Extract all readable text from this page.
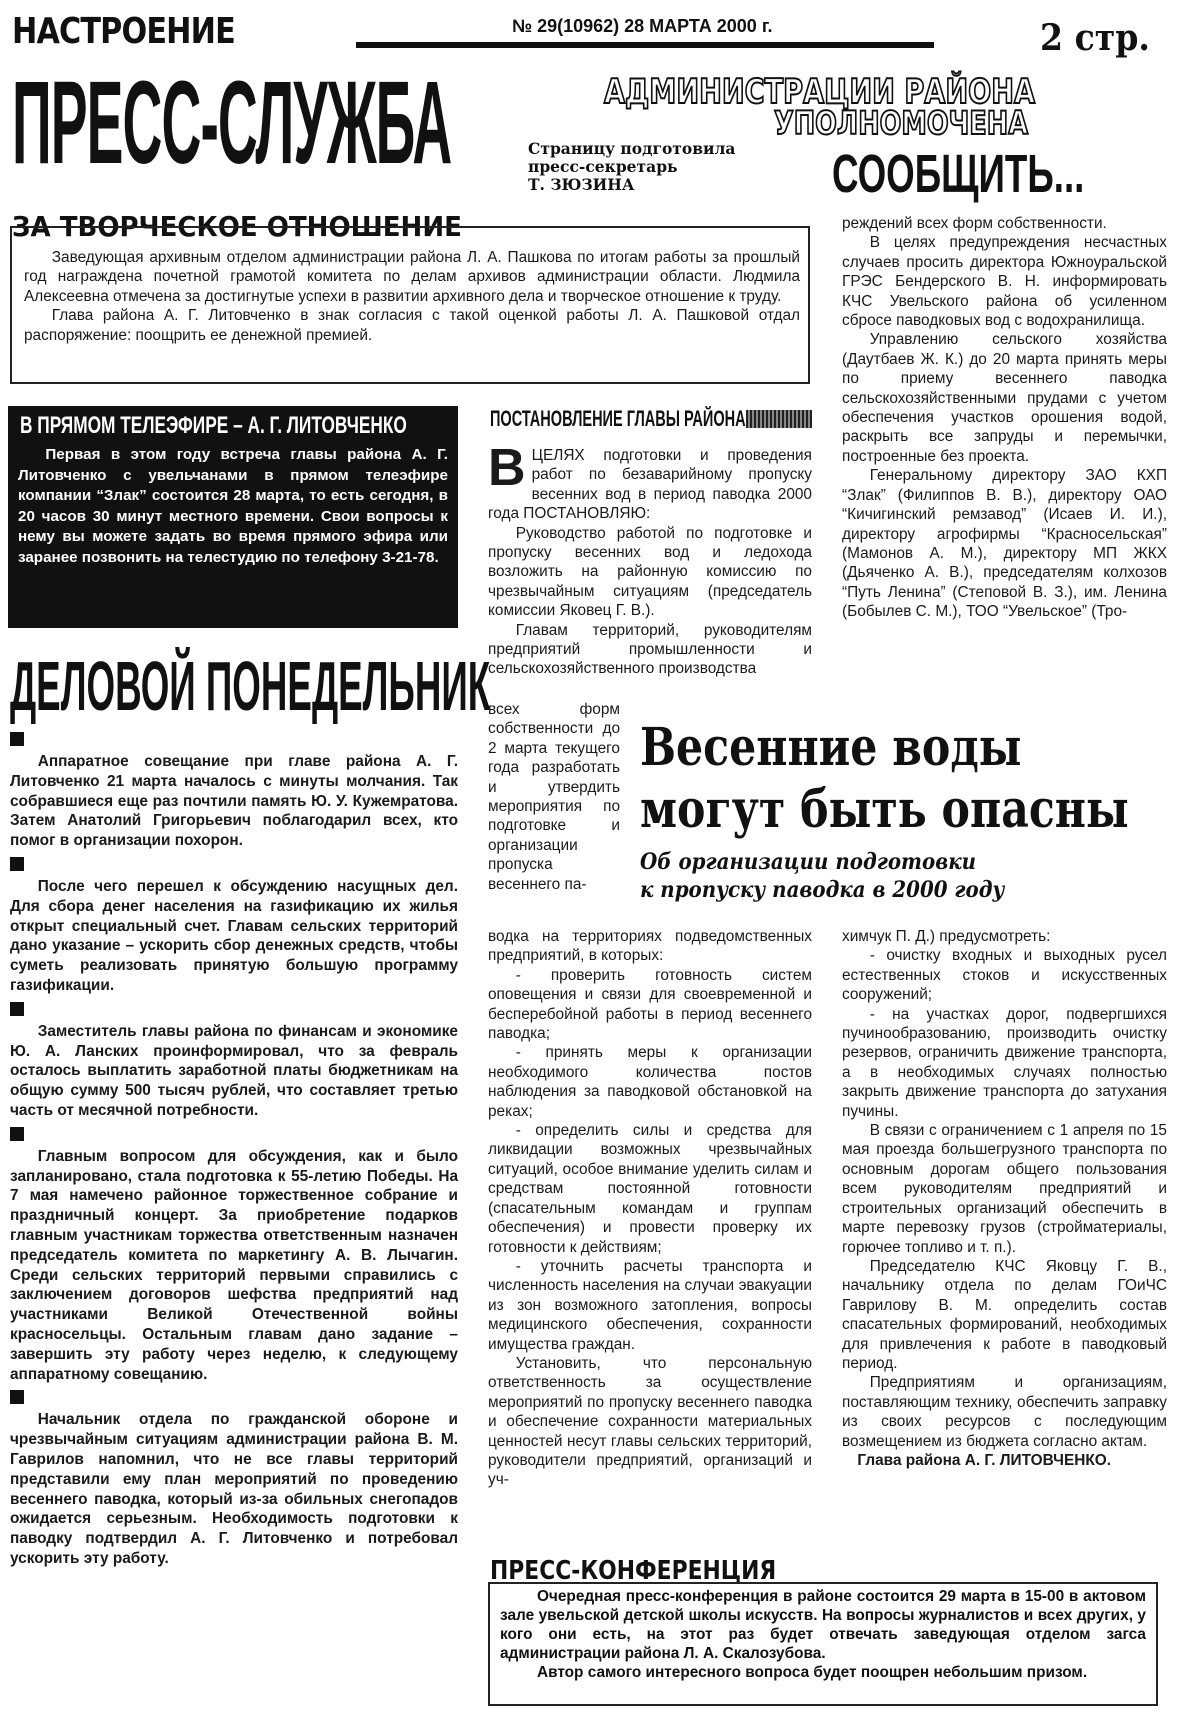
НАСТРОЕНИЕ	№ 29(10962) 28 МАРТА 2000 г.	2 стр.
ПРЕСС-СЛУЖБА	АДМИНИСТРАЦИИ РАЙОНА
УПОЛНОМОЧЕНА
СООБЩИТЬ...
Страницу подготовила
пресс-секретарь
Т. ЗЮЗИНА
ЗА ТВОРЧЕСКОЕ ОТНОШЕНИЕ

Заведующая архивным отделом администрации района Л. А. Пашкова по итогам работы за прошлый год награждена почетной грамотой комитета по делам архивов администрации области. Людмила Алексеевна отмечена за достигнутые успехи в развитии архивного дела и творческое отношение к труду.

Глава района А. Г. Литовченко в знак согласия с такой оценкой работы Л. А. Пашковой отдал распоряжение: поощрить ее денежной премией.

В ПРЯМОМ ТЕЛЕЭФИРЕ – А. Г. ЛИТОВЧЕНКО

Первая в этом году встреча главы района А. Г. Литовченко с увельчанами в прямом телеэфире компании “Злак” состоится 28 марта, то есть сегодня, в 20 часов 30 минут местного времени. Свои вопросы к нему вы можете задать во время прямого эфира или заранее позвонить на телестудию по телефону 3-21-78.

ДЕЛОВОЙ ПОНЕДЕЛЬНИК

Аппаратное совещание при главе района А. Г. Литовченко 21 марта началось с минуты молчания. Так собравшиеся еще раз почтили память Ю. У. Кужемратова. Затем Анатолий Григорьевич поблагодарил всех, кто помог в организации похорон.

После чего перешел к обсуждению насущных дел. Для сбора денег населения на газификацию их жилья открыт специальный счет. Главам сельских территорий дано указание – ускорить сбор денежных средств, чтобы суметь реализовать принятую большую программу газификации.

Заместитель главы района по финансам и экономике Ю. А. Ланских проинформировал, что за февраль осталось выплатить заработной платы бюджетникам на общую сумму 500 тысяч рублей, что составляет третью часть от месячной потребности.

Главным вопросом для обсуждения, как и было запланировано, стала подготовка к 55-летию Победы. На 7 мая намечено районное торжественное собрание и праздничный концерт. За приобретение подарков главным участникам торжества ответственным назначен председатель комитета по маркетингу А. В. Лычагин. Среди сельских территорий первыми справились с заключением договоров шефства предприятий над участниками Великой Отечественной войны красносельцы. Остальным главам дано задание – завершить эту работу через неделю, к следующему аппаратному совещанию.

Начальник отдела по гражданской обороне и чрезвычайным ситуациям администрации района В. М. Гаврилов напомнил, что не все главы территорий представили ему план мероприятий по проведению весеннего паводка, который из-за обильных снегопадов ожидается серьезным. Необходимость подготовки к паводку подтвердил А. Г. Литовченко и потребовал ускорить эту работу.

ПОСТАНОВЛЕНИЕ ГЛАВЫ РАЙОНА
В ЦЕЛЯХ подготовки и проведения работ по безаварийному пропуску весенних вод в период паводка 2000 года ПОСТАНОВЛЯЮ:

Руководство работой по подготовке и пропуску весенних вод и ледохода возложить на районную комиссию по чрезвычайным ситуациям (председатель комиссии Яковец Г. В.).

Главам территорий, руководителям предприятий промышленности и сельскохозяйственного производства

всех форм собственности до 2 марта текущего года разработать и утвердить мероприятия по подготовке и организации пропуска весеннего па-

водка на территориях подведомственных предприятий, в которых:

- проверить готовность систем оповещения и связи для своевременной и бесперебойной работы в период весеннего паводка;

- принять меры к организации необходимого количества постов наблюдения за паводковой обстановкой на реках;

- определить силы и средства для ликвидации возможных чрезвычайных ситуаций, особое внимание уделить силам и средствам постоянной готовности (спасательным командам и группам обеспечения) и провести проверку их готовности к действиям;

- уточнить расчеты транспорта и численность населения на случаи эвакуации из зон возможного затопления, вопросы медицинского обеспечения, сохранности имущества граждан.

Установить, что персональную ответственность за осуществление мероприятий по пропуску весеннего паводка и обеспечение сохранности материальных ценностей несут главы сельских территорий, руководители предприятий, организаций и уч-

реждений всех форм собственности.

В целях предупреждения несчастных случаев просить директора Южноуральской ГРЭС Бендерского В. Н. информировать КЧС Увельского района об усиленном сбросе паводковых вод с водохранилища.

Управлению сельского хозяйства (Даутбаев Ж. К.) до 20 марта принять меры по приему весеннего паводка сельскохозяйственными прудами с учетом обеспечения участков орошения водой, раскрыть все запруды и перемычки, построенные без проекта.

Генеральному директору ЗАО КХП “Злак” (Филиппов В. В.), директору ОАО “Кичигинский ремзавод” (Исаев И. И.), директору агрофирмы “Красносельская” (Мамонов А. М.), директору МП ЖКХ (Дьяченко А. В.), председателям колхозов “Путь Ленина” (Степовой В. З.), им. Ленина (Бобылев С. М.), ТОО “Увельское” (Тро-

Весенние воды
могут быть опасны
Об организации подготовки
к пропуску паводка в 2000 году

химчук П. Д.) предусмотреть:

- очистку входных и выходных русел естественных стоков и искусственных сооружений;

- на участках дорог, подвергшихся пучинообразованию, производить очистку резервов, ограничить движение транспорта, а в необходимых случаях полностью закрыть движение транспорта до затухания пучины.

В связи с ограничением с 1 апреля по 15 мая проезда большегрузного транспорта по основным дорогам общего пользования всем руководителям предприятий и строительных организаций обеспечить в марте перевозку грузов (стройматериалы, горючее топливо и т. п.).

Председателю КЧС Яковцу Г. В., начальнику отдела по делам ГОиЧС Гаврилову В. М. определить состав спасательных формирований, необходимых для привлечения к работе в паводковый период.

Предприятиям и организациям, поставляющим технику, обеспечить заправку из своих ресурсов с последующим возмещением из бюджета согласно актам.

Глава района А. Г. ЛИТОВЧЕНКО.

ПРЕСС-КОНФЕРЕНЦИЯ

Очередная пресс-конференция в районе состоится 29 марта в 15-00 в актовом зале увельской детской школы искусств. На вопросы журналистов и всех других, у кого они есть, на этот раз будет отвечать заведующая отделом загса администрации района Л. А. Скалозубова.

Автор самого интересного вопроса будет поощрен небольшим призом.
